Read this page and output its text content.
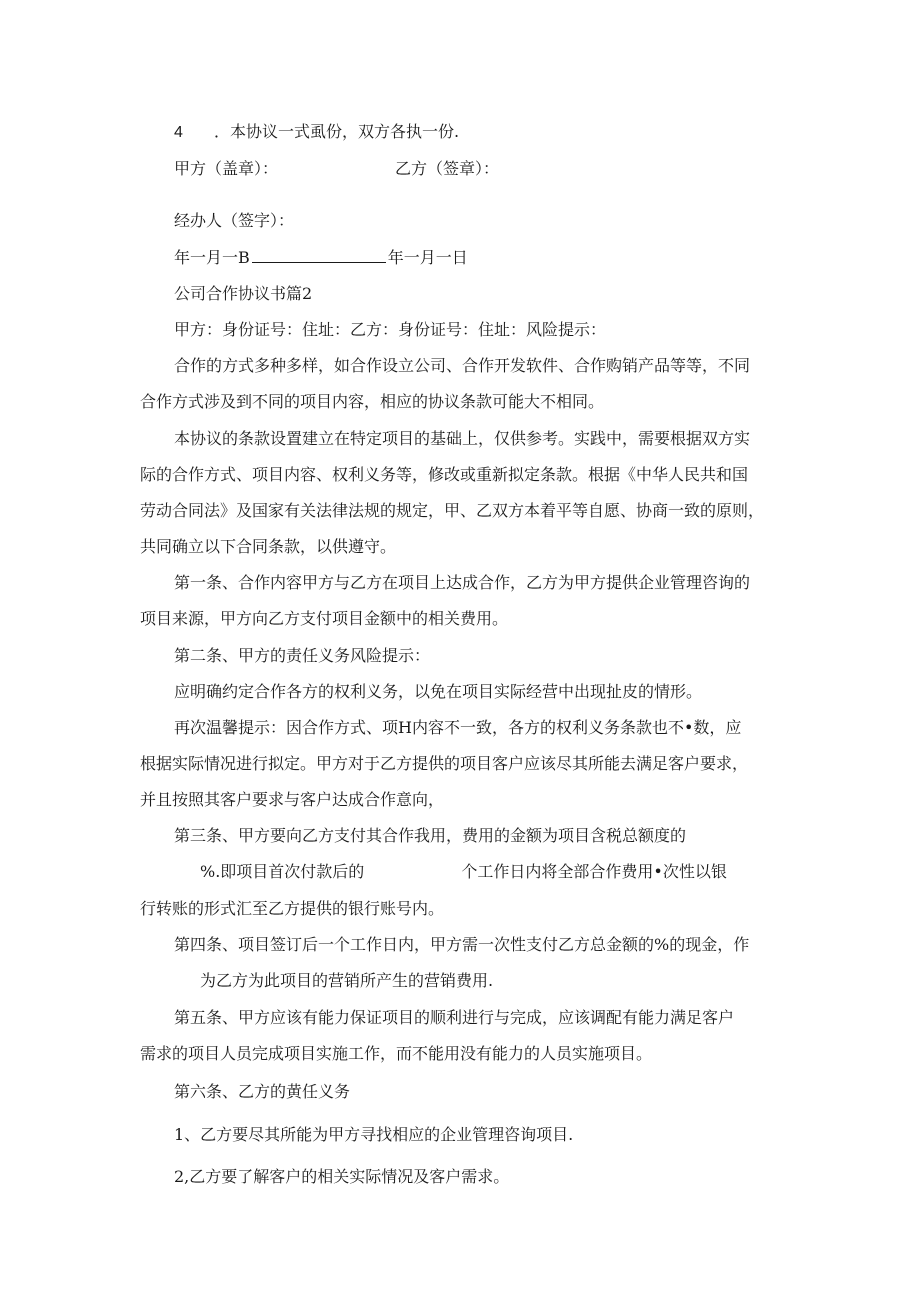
4 ．本协议一式虱份，双方各执一份.
甲方（盖章）：	乙方（签章）：
经办人（签字）：
年一月一B	年一月一日
公司合作协议书篇2
甲方：身份证号：住址：乙方：身份证号：住址：风险提示：
合作的方式多种多样，如合作设立公司、合作开发软件、合作购销产品等等，不同
合作方式涉及到不同的项目内容，相应的协议条款可能大不相同。
本协议的条款设置建立在特定项目的基础上，仅供参考。实践中，需要根据双方实
际的合作方式、项目内容、权利义务等，修改或重新拟定条款。根据《中华人民共和国
劳动合同法》及国家有关法律法规的规定，甲、乙双方本着平等自愿、协商一致的原则，
共同确立以下合同条款，以供遵守。
第一条、合作内容甲方与乙方在项目上达成合作，乙方为甲方提供企业管理咨询的
项目来源，甲方向乙方支付项目金额中的相关费用。
第二条、甲方的责任义务风险提示：
应明确约定合作各方的权利义务，以免在项目实际经营中出现扯皮的情形。
再次温馨提示：因合作方式、项H内容不一致，各方的权利义务条款也不•数，应
根据实际情况进行拟定。甲方对于乙方提供的项目客户应该尽其所能去满足客户要求，
并且按照其客户要求与客户达成合作意向，
第三条、甲方要向乙方支付其合作我用，费用的金额为项目含税总额度的
%.即项目首次付款后的	个工作日内将全部合作费用•次性以银
行转账的形式汇至乙方提供的银行账号内。
第四条、项目签订后一个工作日内，甲方需一次性支付乙方总金额的%的现金，作
为乙方为此项目的营销所产生的营销费用.
第五条、甲方应该有能力保证项目的顺利进行与完成，应该调配有能力满足客户
需求的项目人员完成项目实施工作，而不能用没有能力的人员实施项目。
第六条、乙方的黄任义务
1、乙方要尽其所能为甲方寻找相应的企业管理咨询项目.
2,乙方要了解客户的相关实际情况及客户需求。
